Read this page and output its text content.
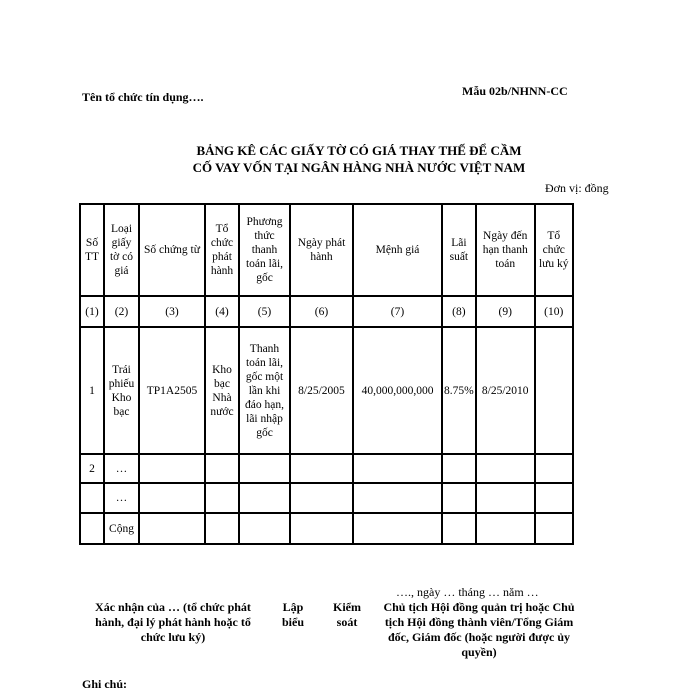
Tên tổ chức tín dụng….	Mẫu 02b/NHNN-CC
BẢNG KÊ CÁC GIẤY TỜ CÓ GIÁ THAY THẾ ĐỂ CẦM
CỐ VAY VỐN TẠI NGÂN HÀNG NHÀ NƯỚC VIỆT NAM
Đơn vị: đồng
Số TT	Loại giấy tờ có giá	Số chứng từ	Tổ chức phát hành	Phương thức thanh toán lãi, gốc	Ngày phát hành	Mệnh giá	Lãi suất	Ngày đến hạn thanh toán	Tổ chức lưu ký
(1)	(2)	(3)	(4)	(5)	(6)	(7)	(8)	(9)	(10)
1	Trái phiếu Kho bạc	TP1A2505	Kho bạc Nhà nước	Thanh toán lãi, gốc một lần khi đáo hạn, lãi nhập gốc	8/25/2005	40,000,000,000	8.75%	8/25/2010	
2	…								
	…								
	Cộng								
…., ngày … tháng … năm …
Xác nhận của … (tổ chức phát hành, đại lý phát hành hoặc tổ chức lưu ký)
Lập biểu
Kiểm soát
Chủ tịch Hội đồng quản trị hoặc Chủ tịch Hội đồng thành viên/Tổng Giám đốc, Giám đốc (hoặc người được ủy quyền)
Ghi chú:
